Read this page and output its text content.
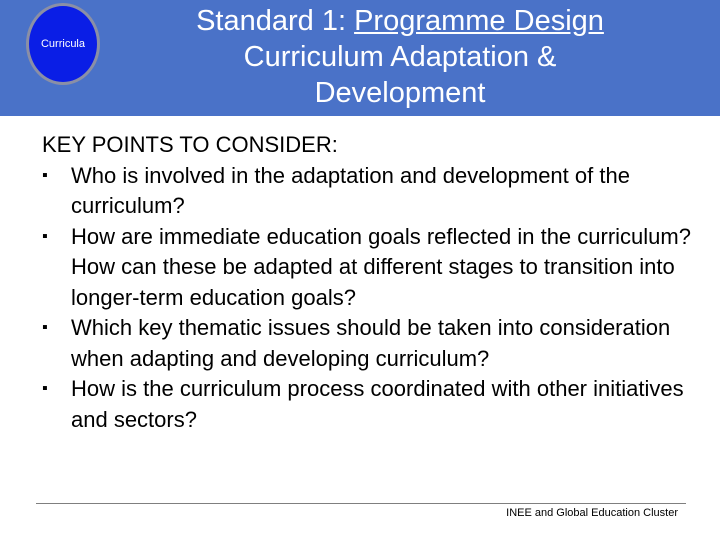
Curricula
Standard 1: Programme Design
Curriculum Adaptation &
Development
KEY POINTS TO CONSIDER:
▪ Who is involved in the adaptation and development of the curriculum?
▪ How are immediate education goals reflected in the curriculum? How can these be adapted at different stages to transition into longer-term education goals?
▪ Which key thematic issues should be taken into consideration when adapting and developing curriculum?
▪ How is the curriculum process coordinated with other initiatives and sectors?
INEE and Global Education Cluster
